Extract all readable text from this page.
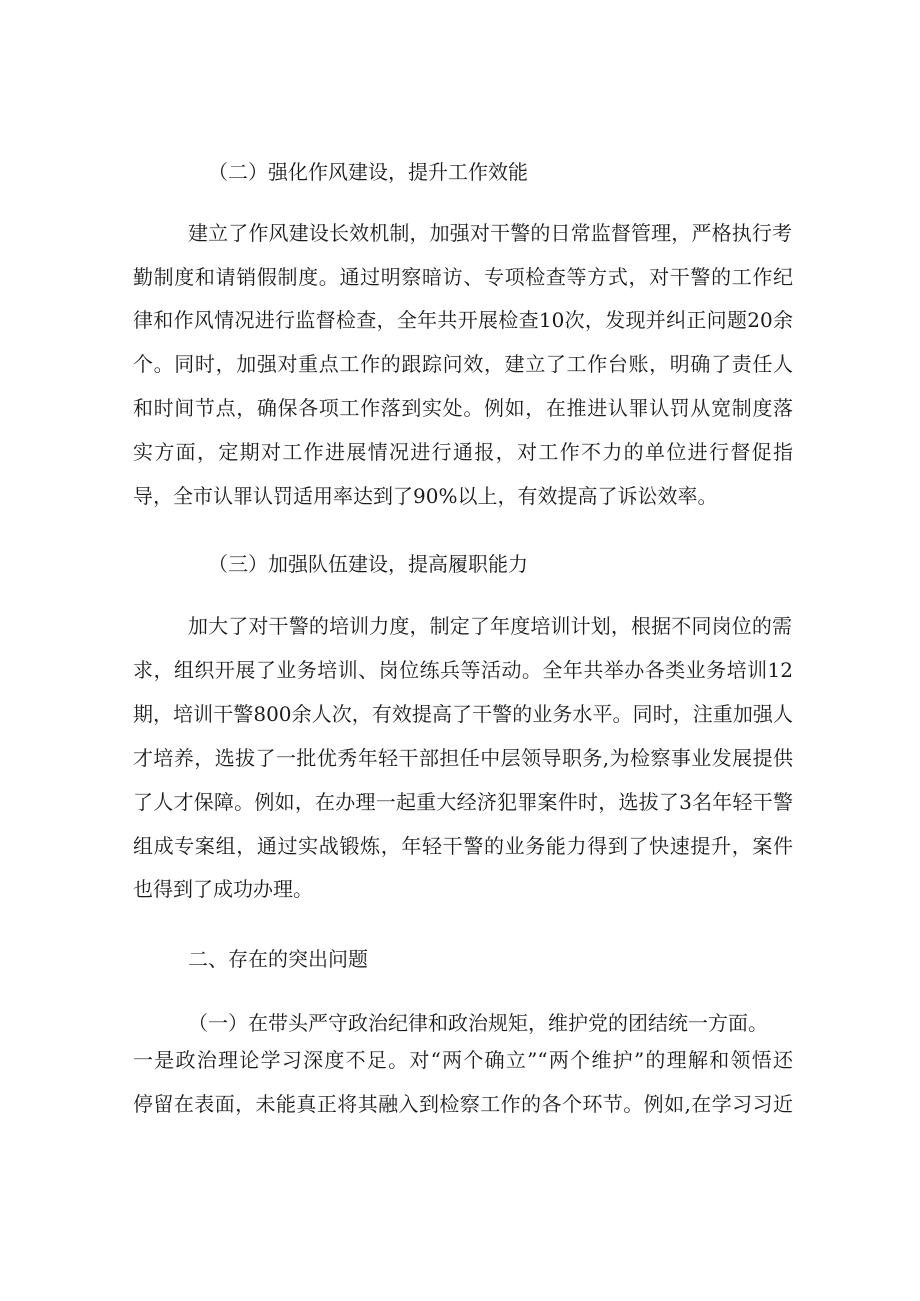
（二）强化作风建设，提升工作效能
建立了作风建设长效机制，加强对干警的日常监督管理，严格执行考
勤制度和请销假制度。通过明察暗访、专项检查等方式，对干警的工作纪
律和作风情况进行监督检查，全年共开展检查10次，发现并纠正问题20余
个。同时，加强对重点工作的跟踪问效，建立了工作台账，明确了责任人
和时间节点，确保各项工作落到实处。例如，在推进认罪认罚从宽制度落
实方面，定期对工作进展情况进行通报，对工作不力的单位进行督促指
导，全市认罪认罚适用率达到了90%以上，有效提高了诉讼效率。
（三）加强队伍建设，提高履职能力
加大了对干警的培训力度，制定了年度培训计划，根据不同岗位的需
求，组织开展了业务培训、岗位练兵等活动。全年共举办各类业务培训12
期，培训干警800余人次，有效提高了干警的业务水平。同时，注重加强人
才培养，选拔了一批优秀年轻干部担任中层领导职务,为检察事业发展提供
了人才保障。例如，在办理一起重大经济犯罪案件时，选拔了3名年轻干警
组成专案组，通过实战锻炼，年轻干警的业务能力得到了快速提升，案件
也得到了成功办理。
二、存在的突出问题
（一）在带头严守政治纪律和政治规矩，维护党的团结统一方面。
一是政治理论学习深度不足。对“两个确立”“两个维护”的理解和领悟还
停留在表面，未能真正将其融入到检察工作的各个环节。例如,在学习习近
